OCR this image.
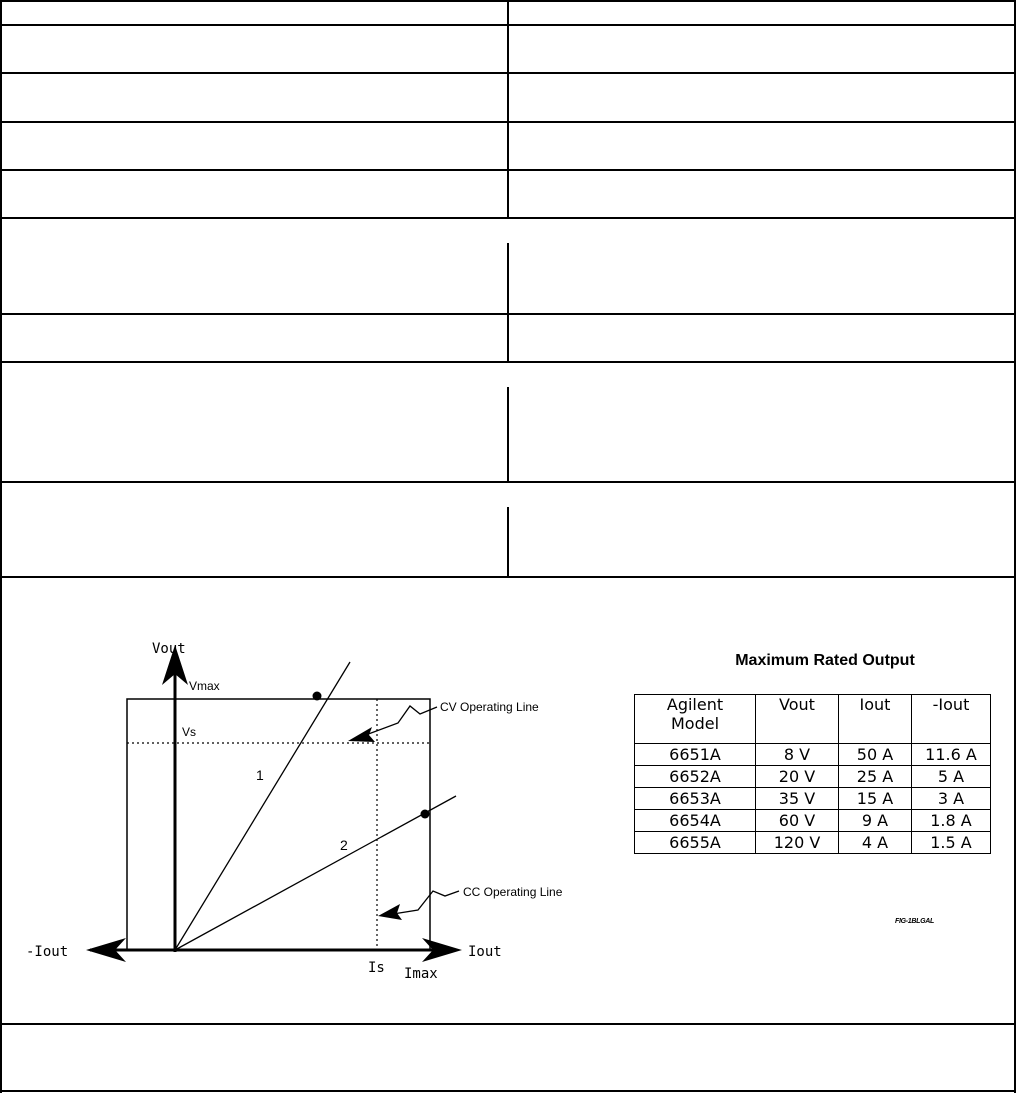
Vout
-Iout	Iout
Is Imax
Vmax
Vs
1
2
CV Operating Line
CC Operating Line
Maximum Rated Output
Agilent
Model	Vout	Iout	-Iout
6651A	8 V	50 A	11.6 A
6652A	20 V	25 A	5 A
6653A	35 V	15 A	3 A
6654A	60 V	9 A	1.8 A
6655A	120 V	4 A	1.5 A
FIG-1BLGAL
